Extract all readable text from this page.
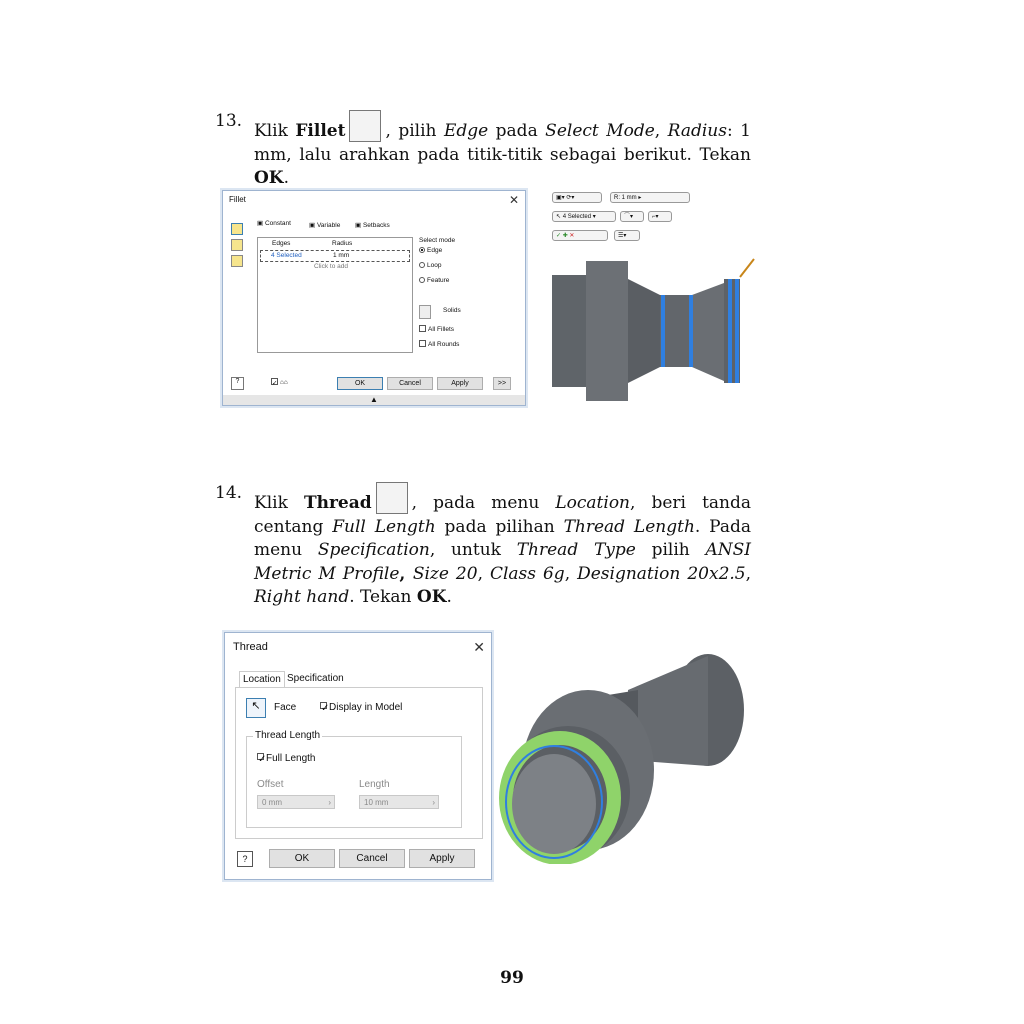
13. Klik Fillet , pilih Edge pada Select Mode, Radius: 1 mm, lalu arahkan pada titik-titik sebagai berikut. Tekan OK.
Fillet	✕
▣ Constant	▣ Variable ▣ Setbacks
Edges	Radius
4 Selected	1 mm
Click to add
Select mode
Edge
Loop
Feature
Solids
All Fillets
All Rounds
?	✓ ⌂⌂	OK	Cancel	Apply	>>
▲
▣▾ ⟳▾	R: 1 mm ▸
↖ 4 Selected ▾	⌒▾	⌐▾
✓ ✚ ✕	☰▾
14. Klik Thread , pada menu Location, beri tanda centang Full Length pada pilihan Thread Length. Pada menu Specification, untuk Thread Type pilih ANSI Metric M Profile, Size 20, Class 6g, Designation 20x2.5, Right hand. Tekan OK.
Thread	✕
Location Specification
↖	Face ✓Display in Model
Thread Length
✓Full Length
Offset
0 mm	›
Length
10 mm	›
?	OK	Cancel	Apply
99
